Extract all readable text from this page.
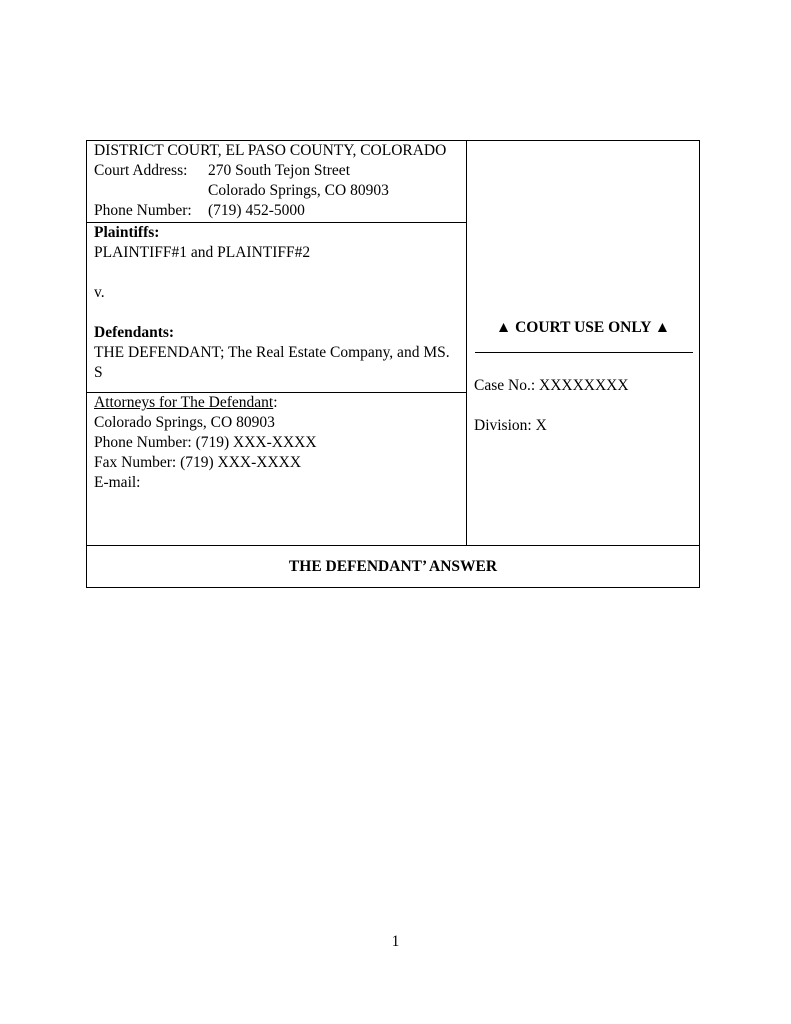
DISTRICT COURT, EL PASO COUNTY, COLORADO
Court Address: 270 South Tejon Street
Colorado Springs, CO 80903
Phone Number: (719) 452-5000
Plaintiffs:
PLAINTIFF#1 and PLAINTIFF#2
v.
Defendants:
THE DEFENDANT; The Real Estate Company, and MS.
S
Attorneys for The Defendant:
Colorado Springs, CO 80903
Phone Number: (719) XXX-XXXX
Fax Number: (719) XXX-XXXX
E-mail:
▲ COURT USE ONLY ▲
Case No.: XXXXXXXX
Division: X
THE DEFENDANT’ ANSWER
1
